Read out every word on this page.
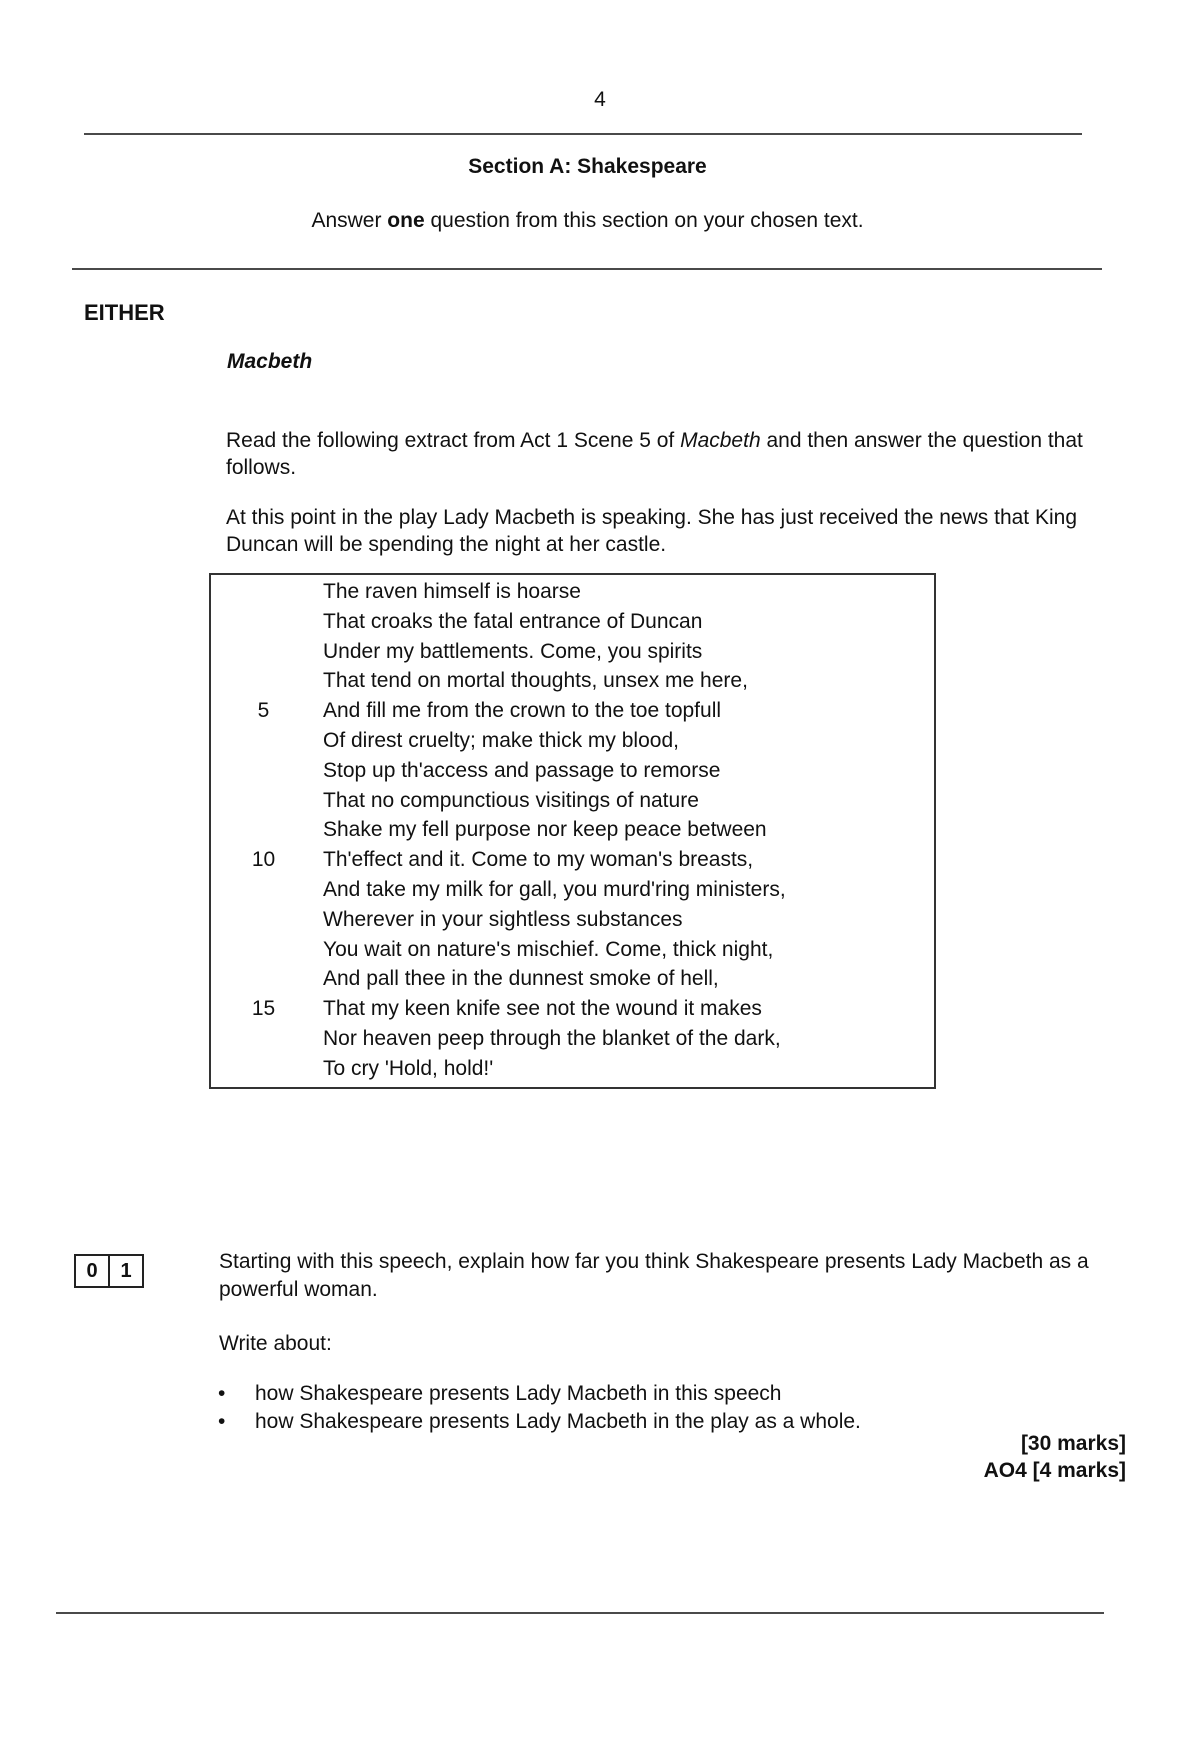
4
Section A: Shakespeare
Answer one question from this section on your chosen text.
EITHER
Macbeth
Read the following extract from Act 1 Scene 5 of Macbeth and then answer the question that follows.
At this point in the play Lady Macbeth is speaking. She has just received the news that King Duncan will be spending the night at her castle.
The raven himself is hoarse
That croaks the fatal entrance of Duncan
Under my battlements. Come, you spirits
That tend on mortal thoughts, unsex me here,
5	And fill me from the crown to the toe topfull
Of direst cruelty; make thick my blood,
Stop up th'access and passage to remorse
That no compunctious visitings of nature
Shake my fell purpose nor keep peace between
10	Th'effect and it. Come to my woman's breasts,
And take my milk for gall, you murd'ring ministers,
Wherever in your sightless substances
You wait on nature's mischief. Come, thick night,
And pall thee in the dunnest smoke of hell,
15	That my keen knife see not the wound it makes
Nor heaven peep through the blanket of the dark,
To cry 'Hold, hold!'
0	1	Starting with this speech, explain how far you think Shakespeare presents Lady Macbeth as a powerful woman.
Write about:
• how Shakespeare presents Lady Macbeth in this speech
• how Shakespeare presents Lady Macbeth in the play as a whole.
[30 marks]
AO4 [4 marks]
